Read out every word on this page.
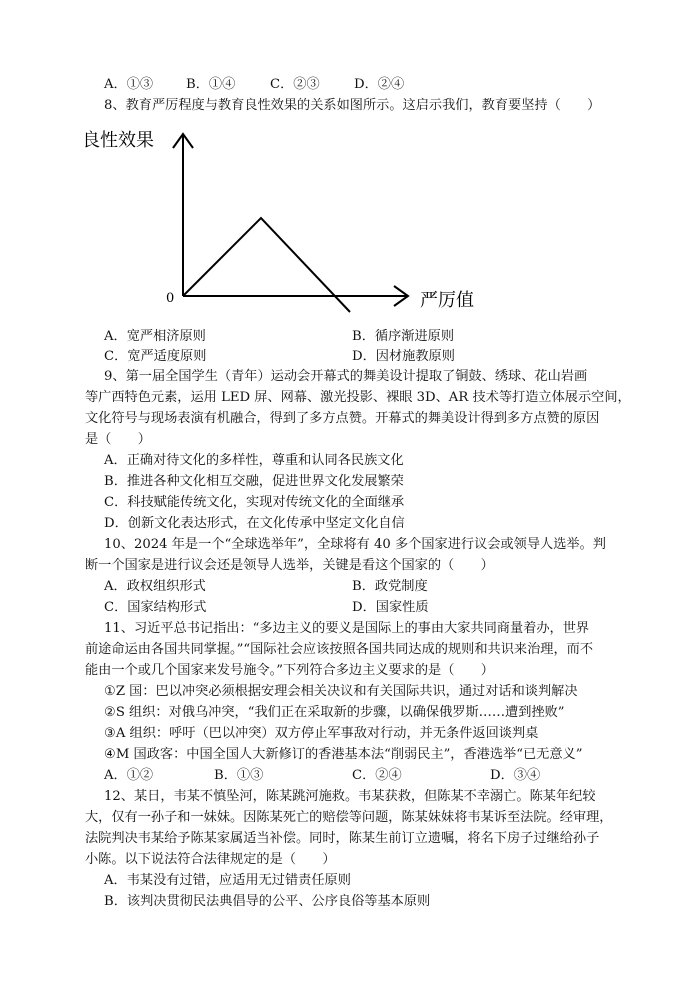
A．①③ B．①④	C．②③	D．②④
8、教育严厉程度与教育良性效果的关系如图所示。这启示我们，教育要坚持（　　）
良性效果
0	严厉值
A．宽严相济原则	B．循序渐进原则
C．宽严适度原则	D．因材施教原则
9、第一届全国学生（青年）运动会开幕式的舞美设计提取了铜鼓、绣球、花山岩画
等广西特色元素，运用 LED 屏、网幕、激光投影、裸眼 3D、AR 技术等打造立体展示空间，
文化符号与现场表演有机融合，得到了多方点赞。开幕式的舞美设计得到多方点赞的原因
是（　　）
A．正确对待文化的多样性，尊重和认同各民族文化
B．推进各种文化相互交融，促进世界文化发展繁荣
C．科技赋能传统文化，实现对传统文化的全面继承
D．创新文化表达形式，在文化传承中坚定文化自信
10、2024 年是一个“全球选举年”，全球将有 40 多个国家进行议会或领导人选举。判
断一个国家是进行议会还是领导人选举，关键是看这个国家的（　　）
A．政权组织形式	B．政党制度
C．国家结构形式	D．国家性质
11、习近平总书记指出：“多边主义的要义是国际上的事由大家共同商量着办，世界
前途命运由各国共同掌握。”“国际社会应该按照各国共同达成的规则和共识来治理，而不
能由一个或几个国家来发号施令。”下列符合多边主义要求的是（　　）
①Z 国：巴以冲突必须根据安理会相关决议和有关国际共识，通过对话和谈判解决
②S 组织：对俄乌冲突，“我们正在采取新的步骤，以确保俄罗斯……遭到挫败”
③A 组织：呼吁（巴以冲突）双方停止军事敌对行动，并无条件返回谈判桌
④M 国政客：中国全国人大新修订的香港基本法“削弱民主”，香港选举“已无意义”
A．①②	B．①③	C．②④	D．③④
12、某日，韦某不慎坠河，陈某跳河施救。韦某获救，但陈某不幸溺亡。陈某年纪较
大，仅有一孙子和一妹妹。因陈某死亡的赔偿等问题，陈某妹妹将韦某诉至法院。经审理，
法院判决韦某给予陈某家属适当补偿。同时，陈某生前订立遗嘱，将名下房子过继给孙子
小陈。以下说法符合法律规定的是（　　）
A．韦某没有过错，应适用无过错责任原则
B．该判决贯彻民法典倡导的公平、公序良俗等基本原则
